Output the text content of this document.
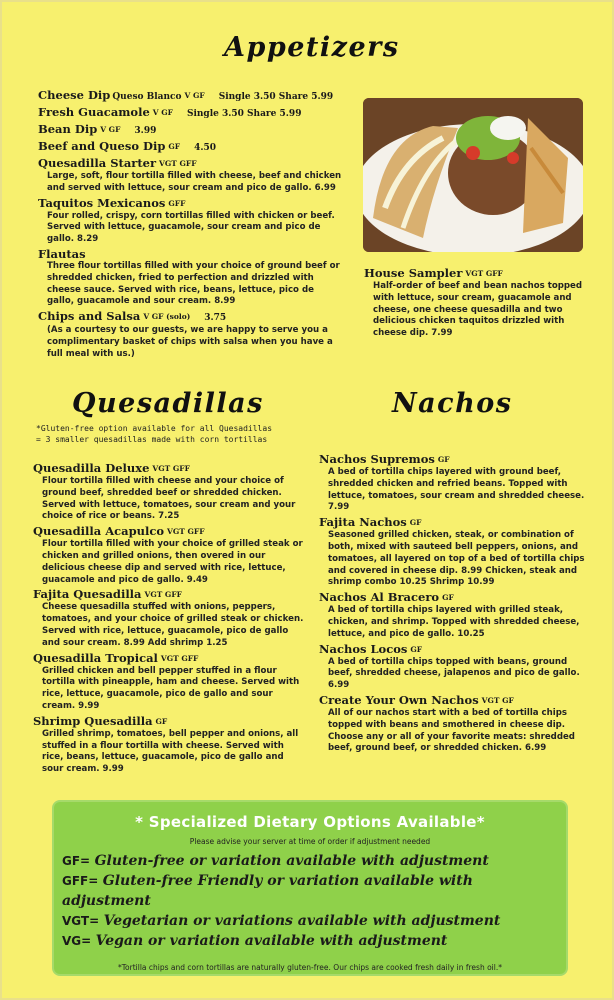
Appetizers
Cheese Dip Queso Blanco V GF Single 3.50 Share 5.99
Fresh Guacamole V GF Single 3.50 Share 5.99
Bean Dip V GF 3.99
Beef and Queso Dip GF 4.50
Quesadilla Starter VGT GFF
Large, soft, flour tortilla filled with cheese, beef and chicken and served with lettuce, sour cream and pico de gallo. 6.99
Taquitos Mexicanos GFF
Four rolled, crispy, corn tortillas filled with chicken or beef. Served with lettuce, guacamole, sour cream and pico de gallo. 8.29
Flautas
Three flour tortillas filled with your choice of ground beef or shredded chicken, fried to perfection and drizzled with cheese sauce. Served with rice, beans, lettuce, pico de gallo, guacamole and sour cream. 8.99
Chips and Salsa V GF (solo) 3.75
(As a courtesy to our guests, we are happy to serve you a complimentary basket of chips with salsa when you have a full meal with us.)
House Sampler VGT GFF
Half-order of beef and bean nachos topped with lettuce, sour cream, guacamole and cheese, one cheese quesadilla and two delicious chicken taquitos drizzled with cheese dip. 7.99
Quesadillas
*Gluten-free option available for all Quesadillas
= 3 smaller quesadillas made with corn tortillas
Quesadilla Deluxe VGT GFF
Flour tortilla filled with cheese and your choice of ground beef, shredded beef or shredded chicken. Served with lettuce, tomatoes, sour cream and your choice of rice or beans. 7.25
Quesadilla Acapulco VGT GFF
Flour tortilla filled with your choice of grilled steak or chicken and grilled onions, then overed in our delicious cheese dip and served with rice, lettuce, guacamole and pico de gallo. 9.49
Fajita Quesadilla VGT GFF
Cheese quesadilla stuffed with onions, peppers, tomatoes, and your choice of grilled steak or chicken. Served with rice, lettuce, guacamole, pico de gallo and sour cream. 8.99 Add shrimp 1.25
Quesadilla Tropical VGT GFF
Grilled chicken and bell pepper stuffed in a flour tortilla with pineapple, ham and cheese. Served with rice, lettuce, guacamole, pico de gallo and sour cream. 9.99
Shrimp Quesadilla GF
Grilled shrimp, tomatoes, bell pepper and onions, all stuffed in a flour tortilla with cheese. Served with rice, beans, lettuce, guacamole, pico de gallo and sour cream. 9.99
Nachos
Nachos Supremos GF
A bed of tortilla chips layered with ground beef, shredded chicken and refried beans. Topped with lettuce, tomatoes, sour cream and shredded cheese. 7.99
Fajita Nachos GF
Seasoned grilled chicken, steak, or combination of both, mixed with sauteed bell peppers, onions, and tomatoes, all layered on top of a bed of tortilla chips and covered in cheese dip. 8.99 Chicken, steak and shrimp combo 10.25 Shrimp 10.99
Nachos Al Bracero GF
A bed of tortilla chips layered with grilled steak, chicken, and shrimp. Topped with shredded cheese, lettuce, and pico de gallo. 10.25
Nachos Locos GF
A bed of tortilla chips topped with beans, ground beef, shredded cheese, jalapenos and pico de gallo. 6.99
Create Your Own Nachos VGT GF
All of our nachos start with a bed of tortilla chips topped with beans and smothered in cheese dip. Choose any or all of your favorite meats: shredded beef, ground beef, or shredded chicken. 6.99
* Specialized Dietary Options Available*
Please advise your server at time of order if adjustment needed
GF= Gluten-free or variation available with adjustment
GFF= Gluten-free Friendly or variation available with adjustment
VGT= Vegetarian or variations available with adjustment
VG= Vegan or variation available with adjustment
*Tortilla chips and corn tortillas are naturally gluten-free. Our chips are cooked fresh daily in fresh oil.*
